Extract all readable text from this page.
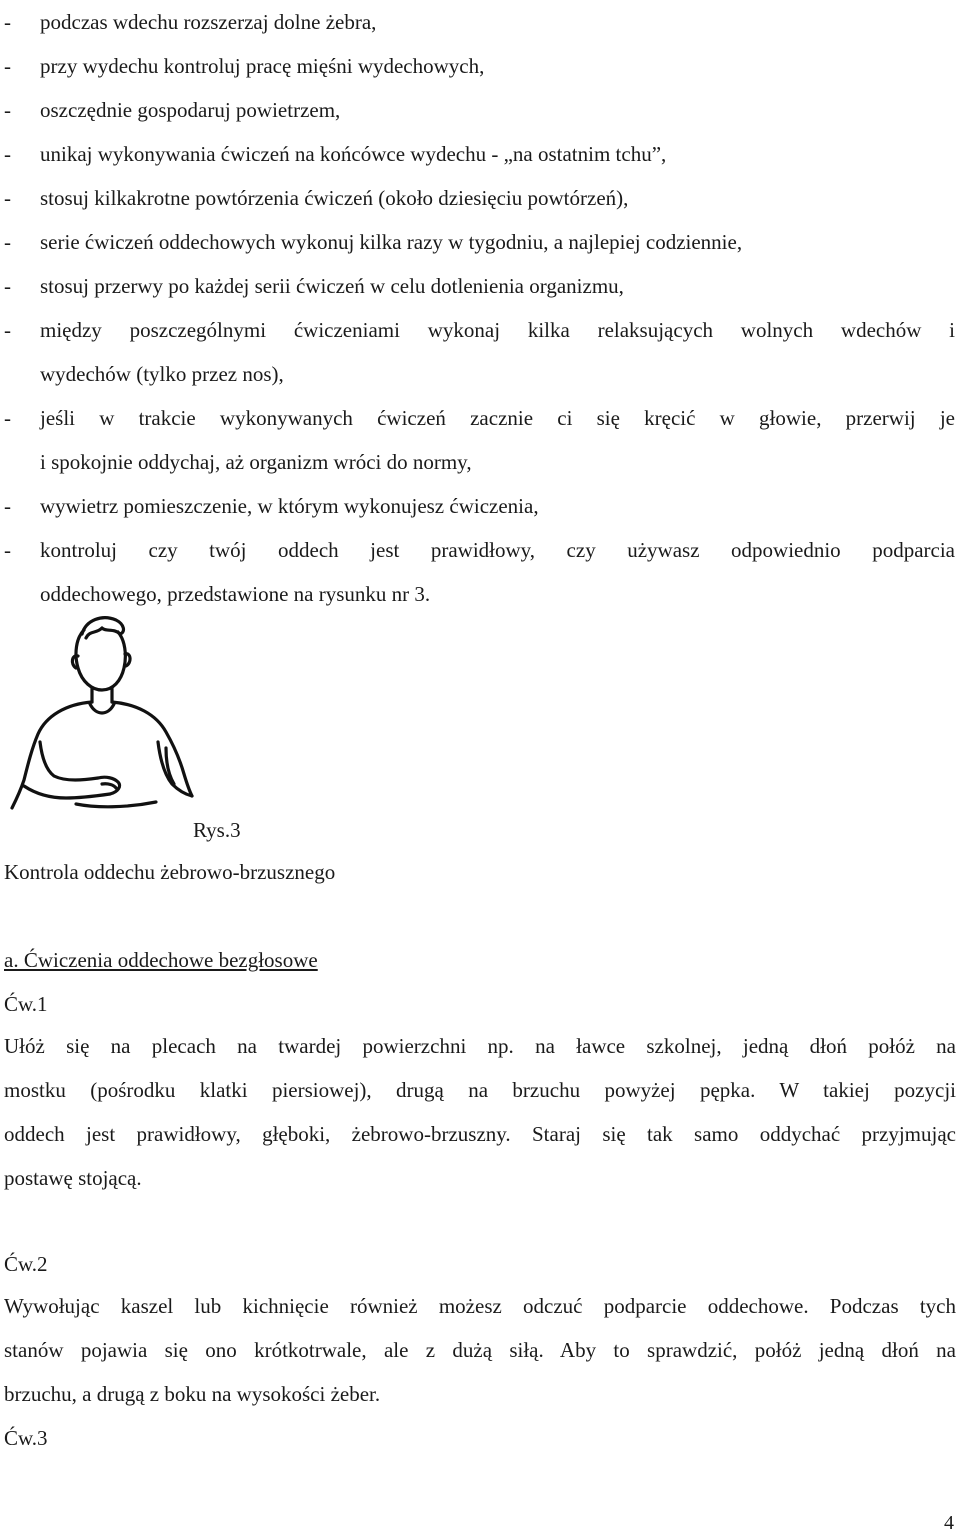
-	podczas wdechu rozszerzaj dolne żebra,
-	przy wydechu kontroluj pracę mięśni wydechowych,
-	oszczędnie gospodaruj powietrzem,
-	unikaj wykonywania ćwiczeń na końcówce wydechu - „na ostatnim tchu”,
-	stosuj kilkakrotne powtórzenia ćwiczeń (około dziesięciu powtórzeń),
-	serie ćwiczeń oddechowych wykonuj kilka razy w tygodniu, a najlepiej codziennie,
-	stosuj przerwy po każdej serii ćwiczeń w celu dotlenienia organizmu,
-	między poszczególnymi ćwiczeniami wykonaj kilka relaksujących wolnych wdechów i
wydechów (tylko przez nos),
-	jeśli w trakcie wykonywanych ćwiczeń zacznie ci się kręcić w głowie, przerwij je
i spokojnie oddychaj, aż organizm wróci do normy,
-	wywietrz pomieszczenie, w którym wykonujesz ćwiczenia,
-	kontroluj czy twój oddech jest prawidłowy, czy używasz odpowiednio podparcia
oddechowego, przedstawione na rysunku nr 3.
Rys.3
Kontrola oddechu żebrowo-brzusznego
a. Ćwiczenia oddechowe bezgłosowe
Ćw.1
Ułóż się na plecach na twardej powierzchni np. na ławce szkolnej, jedną dłoń połóż na
mostku (pośrodku klatki piersiowej), drugą na brzuchu powyżej pępka. W takiej pozycji
oddech jest prawidłowy, głęboki, żebrowo-brzuszny. Staraj się tak samo oddychać przyjmując
postawę stojącą.
Ćw.2
Wywołując kaszel lub kichnięcie również możesz odczuć podparcie oddechowe. Podczas tych
stanów pojawia się ono krótkotrwale, ale z dużą siłą. Aby to sprawdzić, połóż jedną dłoń na
brzuchu, a drugą z boku na wysokości żeber.
Ćw.3
4
